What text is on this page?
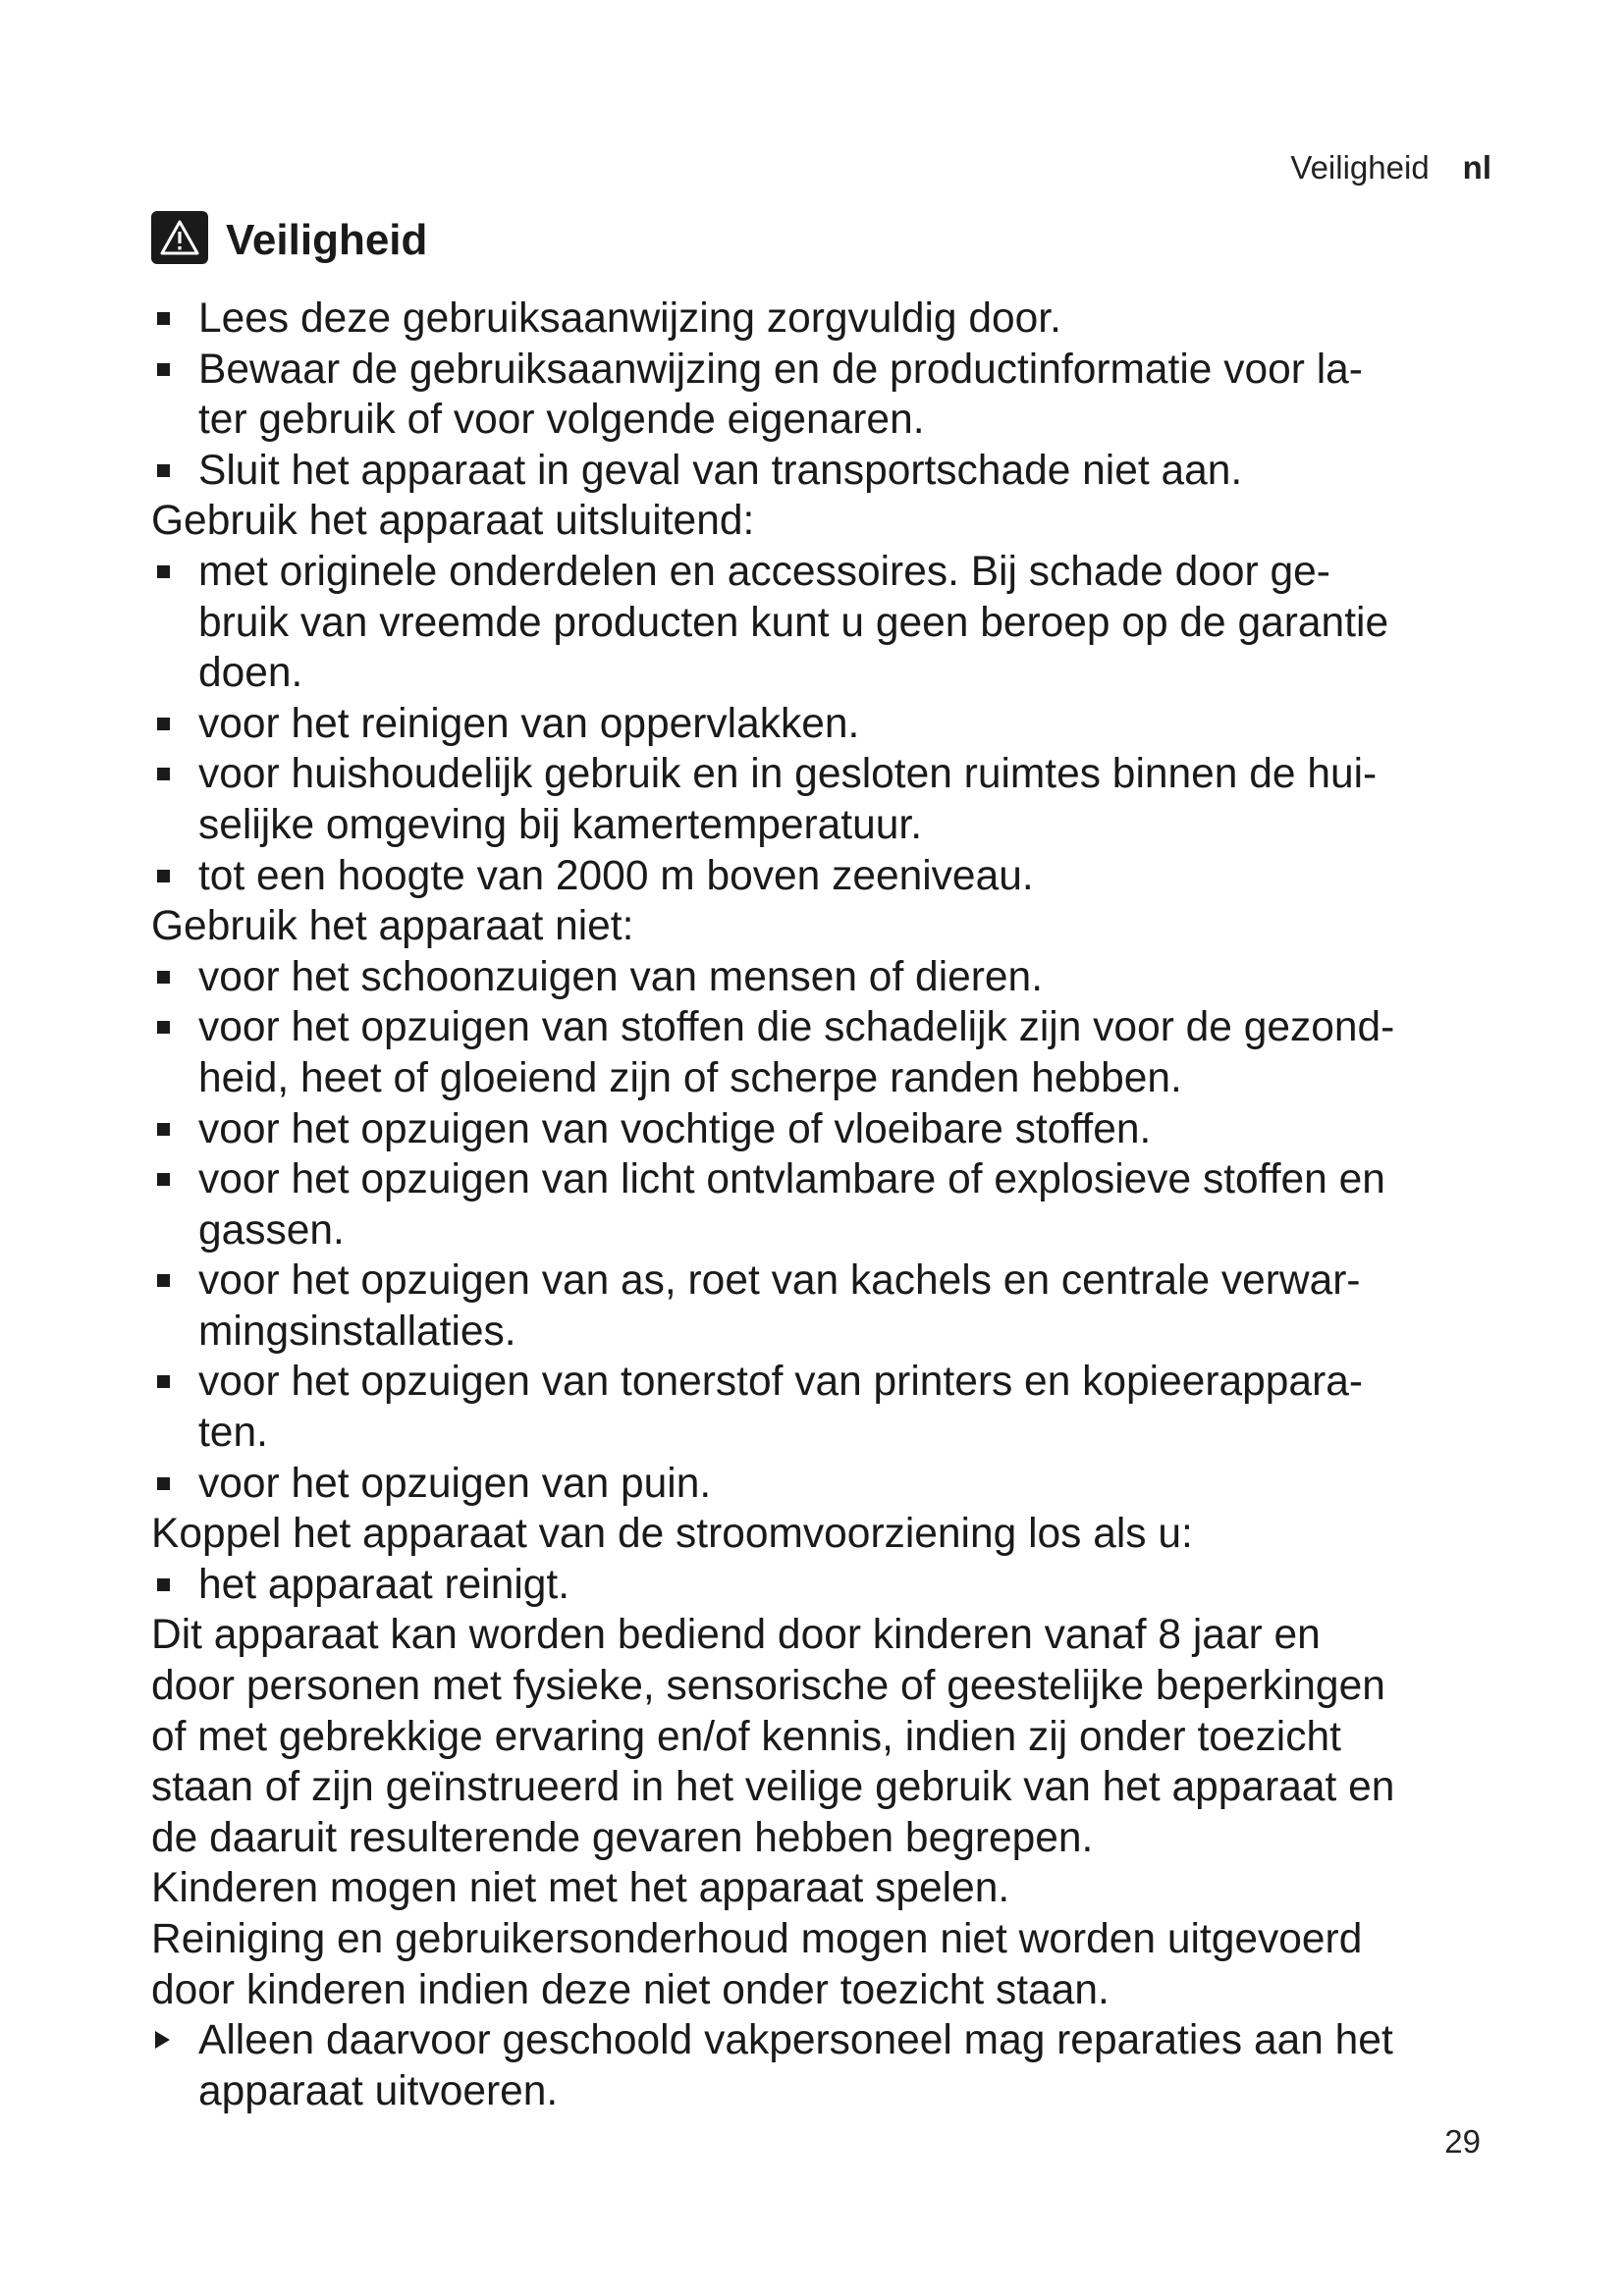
Veiligheid nl
Veiligheid
Lees deze gebruiksaanwijzing zorgvuldig door.
Bewaar de gebruiksaanwijzing en de productinformatie voor la-
ter gebruik of voor volgende eigenaren.
Sluit het apparaat in geval van transportschade niet aan.

Gebruik het apparaat uitsluitend:

met originele onderdelen en accessoires. Bij schade door ge-
bruik van vreemde producten kunt u geen beroep op de garantie
doen.
voor het reinigen van oppervlakken.
voor huishoudelijk gebruik en in gesloten ruimtes binnen de hui-
selijke omgeving bij kamertemperatuur.
tot een hoogte van 2000 m boven zeeniveau.

Gebruik het apparaat niet:

voor het schoonzuigen van mensen of dieren.
voor het opzuigen van stoffen die schadelijk zijn voor de gezond-
heid, heet of gloeiend zijn of scherpe randen hebben.
voor het opzuigen van vochtige of vloeibare stoffen.
voor het opzuigen van licht ontvlambare of explosieve stoffen en
gassen.
voor het opzuigen van as, roet van kachels en centrale verwar-
mingsinstallaties.
voor het opzuigen van tonerstof van printers en kopieerappara-
ten.
voor het opzuigen van puin.

Koppel het apparaat van de stroomvoorziening los als u:

het apparaat reinigt.

Dit apparaat kan worden bediend door kinderen vanaf 8 jaar en

door personen met fysieke, sensorische of geestelijke beperkingen

of met gebrekkige ervaring en/of kennis, indien zij onder toezicht

staan of zijn geïnstrueerd in het veilige gebruik van het apparaat en

de daaruit resulterende gevaren hebben begrepen.

Kinderen mogen niet met het apparaat spelen.

Reiniging en gebruikersonderhoud mogen niet worden uitgevoerd

door kinderen indien deze niet onder toezicht staan.

Alleen daarvoor geschoold vakpersoneel mag reparaties aan het
apparaat uitvoeren.
29
